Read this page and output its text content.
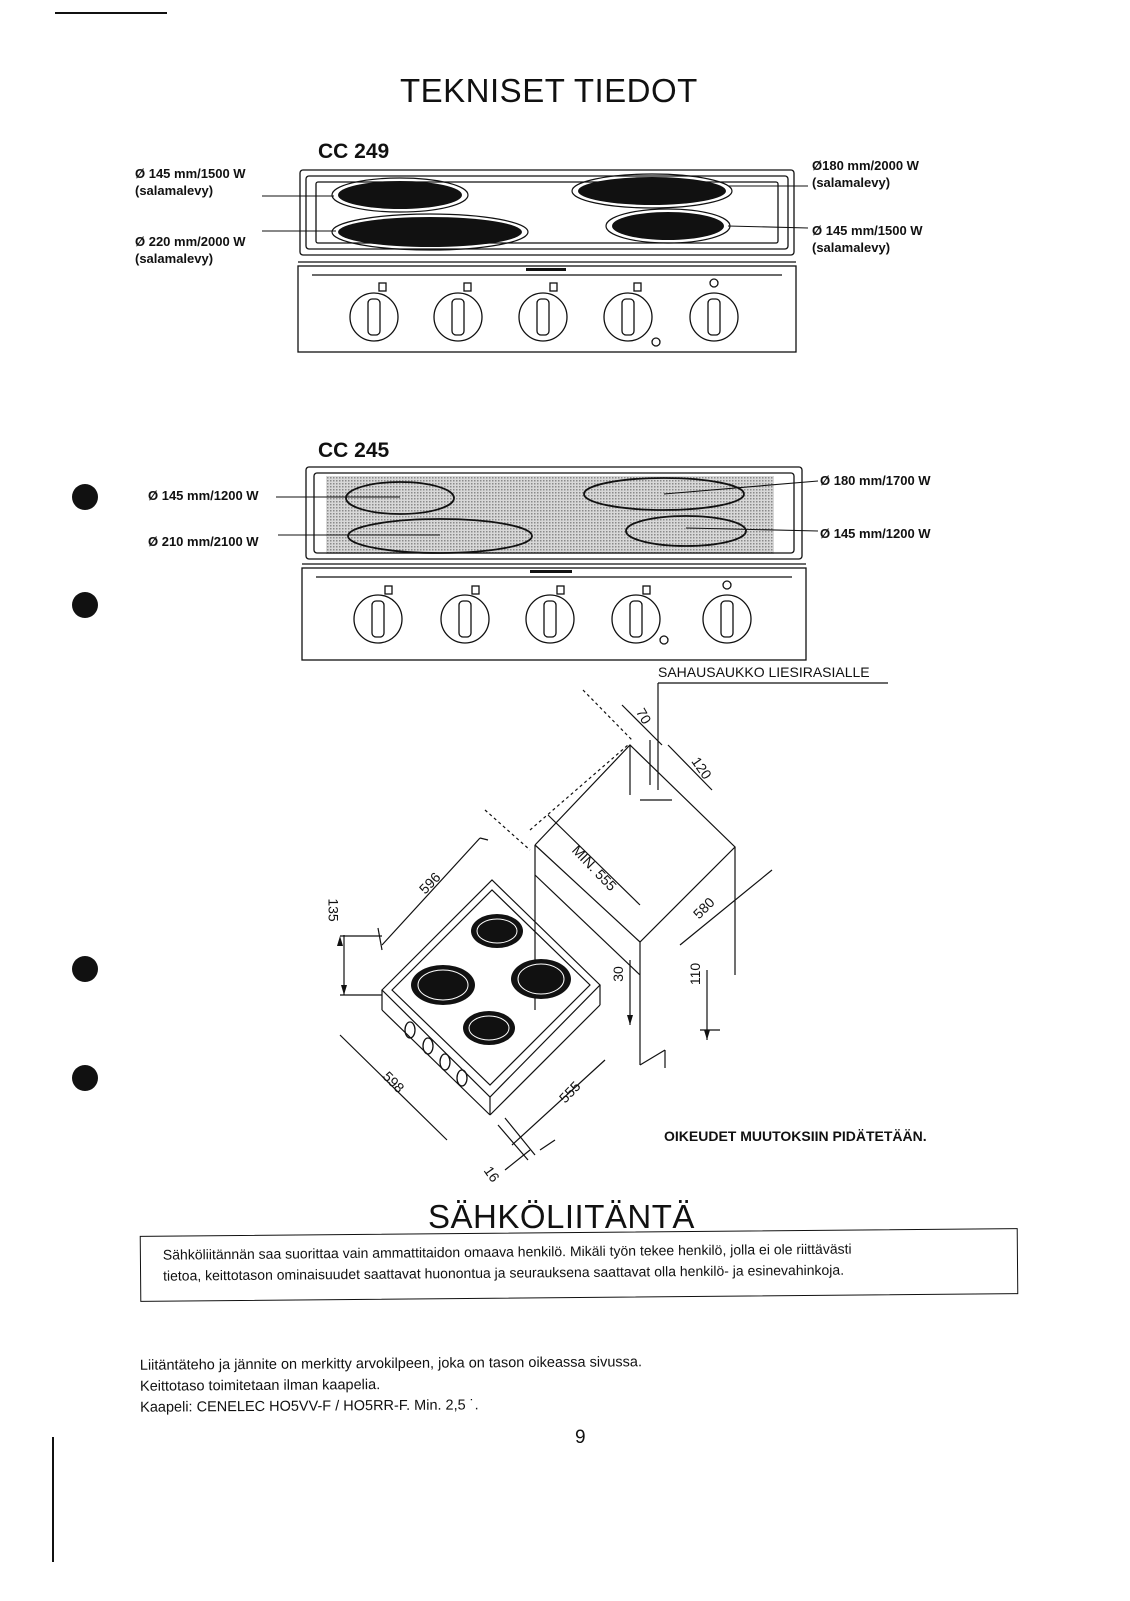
TEKNISET TIEDOT
CC 249
Ø 145 mm/1500 W
(salamalevy)
Ø 220 mm/2000 W
(salamalevy)
Ø180 mm/2000 W
(salamalevy)
Ø 145 mm/1500 W
(salamalevy)
CC 245
Ø 145 mm/1200 W
Ø 210 mm/2100 W
Ø 180 mm/1700 W
Ø 145 mm/1200 W
SAHAUSAUKKO LIESIRASIALLE
70
120
MIN. 555
596
135	580
30	110
598	555
16
OIKEUDET MUUTOKSIIN PIDÄTETÄÄN.
SÄHKÖLIITÄNTÄ
Sähköliitännän saa suorittaa vain ammattitaidon omaava henkilö. Mikäli työn tekee henkilö, jolla ei ole riittävästi
tietoa, keittotason ominaisuudet saattavat huonontua ja seurauksena saattavat olla henkilö- ja esinevahinkoja.
Liitäntäteho ja jännite on merkitty arvokilpeen, joka on tason oikeassa sivussa.
Keittotaso toimitetaan ilman kaapelia.
Kaapeli: CENELEC HO5VV-F / HO5RR-F. Min. 2,5 ˙.
9
